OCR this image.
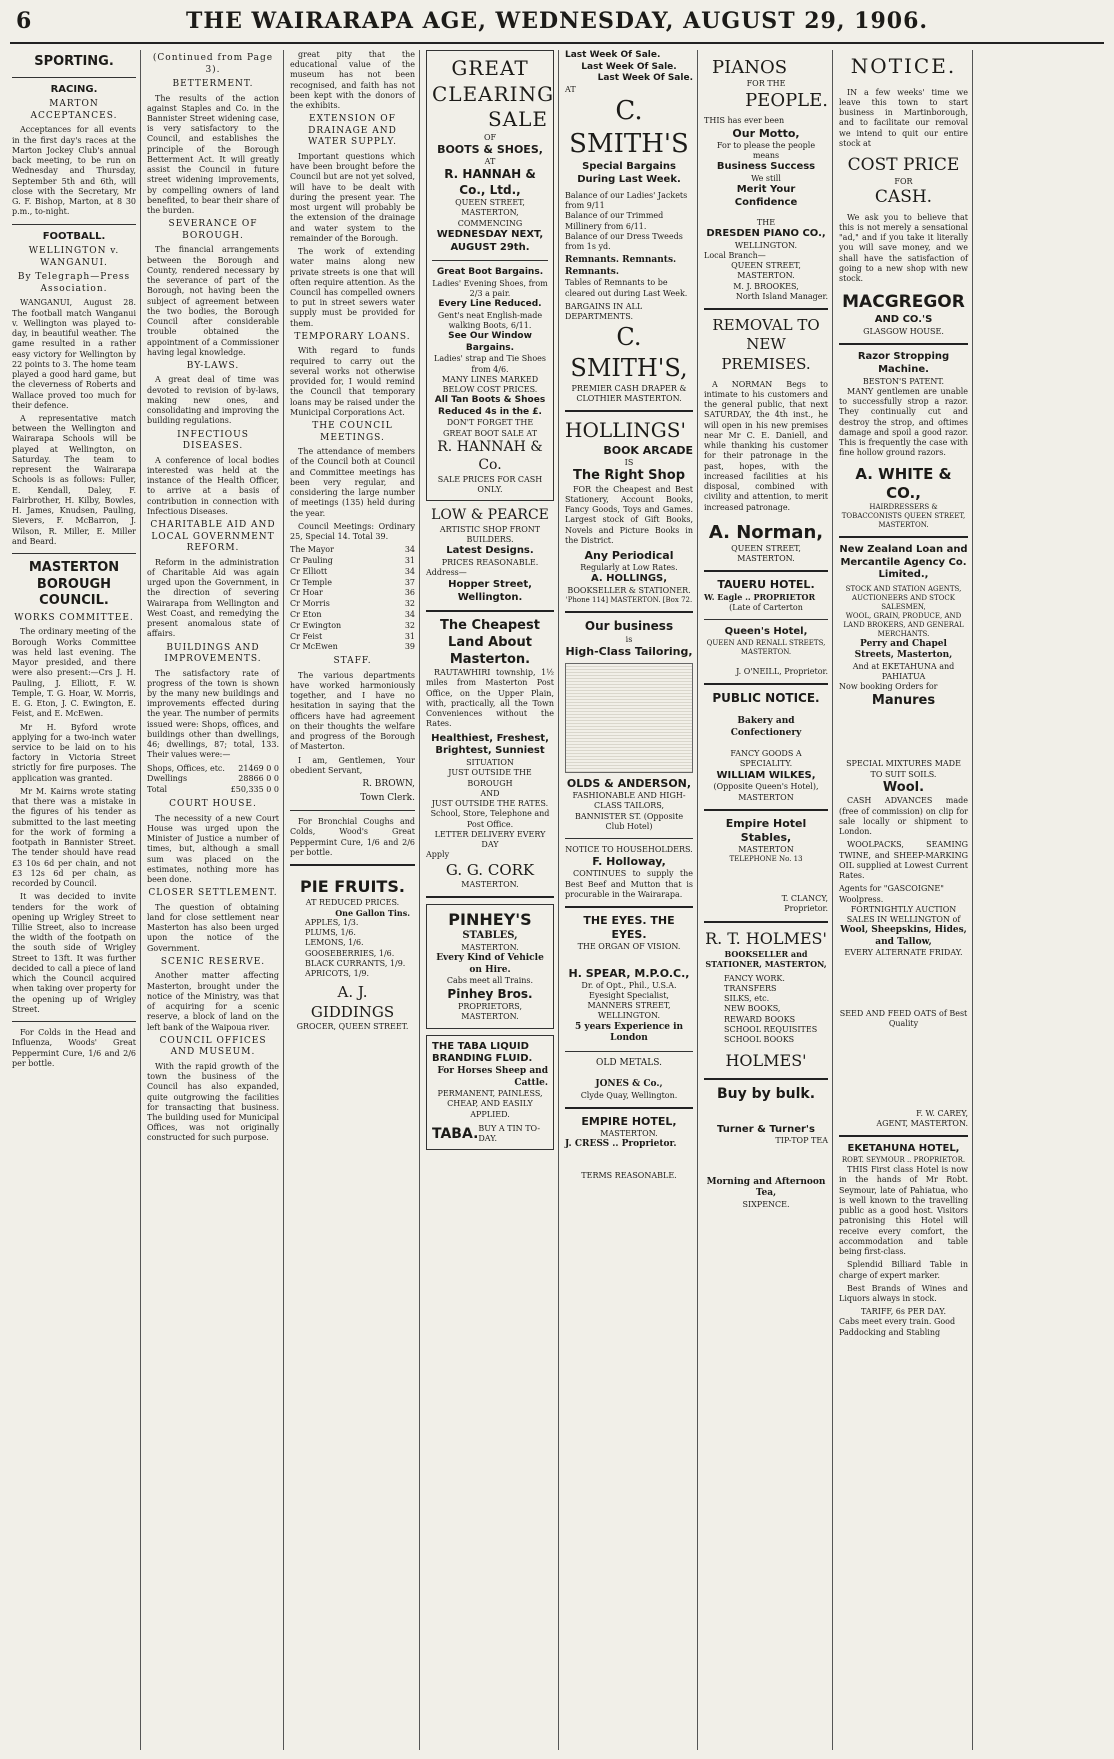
6	THE WAIRARAPA AGE, WEDNESDAY, AUGUST 29, 1906.
SPORTING.
RACING.
MARTON ACCEPTANCES.

Acceptances for all events in the first day's races at the Marton Jockey Club's annual back meeting, to be run on Wednesday and Thursday, September 5th and 6th, will close with the Secretary, Mr G. F. Bishop, Marton, at 8 30 p.m., to-night.

FOOTBALL.
WELLINGTON v. WANGANUI.
By Telegraph—Press Association.

WANGANUI, August 28. The football match Wanganui v. Wellington was played to-day, in beautiful weather. The game resulted in a rather easy victory for Wellington by 22 points to 3. The home team played a good hard game, but the cleverness of Roberts and Wallace proved too much for their defence.

A representative match between the Wellington and Wairarapa Schools will be played at Wellington, on Saturday. The team to represent the Wairarapa Schools is as follows: Fuller, E. Kendall, Daley, F. Fairbrother, H. Kilby, Bowles, H. James, Knudsen, Pauling, Sievers, F. McBarron, J. Wilson, R. Miller, E. Miller and Beard.

MASTERTON BOROUGH COUNCIL.
WORKS COMMITTEE.

The ordinary meeting of the Borough Works Committee was held last evening. The Mayor presided, and there were also present:—Crs J. H. Pauling, J. Elliott, F. W. Temple, T. G. Hoar, W. Morris, E. G. Eton, J. C. Ewington, E. Feist, and E. McEwen.

Mr H. Byford wrote applying for a two-inch water service to be laid on to his factory in Victoria Street strictly for fire purposes. The application was granted.

Mr M. Kairns wrote stating that there was a mistake in the figures of his tender as submitted to the last meeting for the work of forming a footpath in Bannister Street. The tender should have read £3 10s 6d per chain, and not £3 12s 6d per chain, as recorded by Council.

It was decided to invite tenders for the work of opening up Wrigley Street to Tillie Street, also to increase the width of the footpath on the south side of Wrigley Street to 13ft. It was further decided to call a piece of land which the Council acquired when taking over property for the opening up of Wrigley Street.

For Colds in the Head and Influenza, Woods' Great Peppermint Cure, 1/6 and 2/6 per bottle.

(Continued from Page 3).
BETTERMENT.

The results of the action against Staples and Co. in the Bannister Street widening case, is very satisfactory to the Council, and establishes the principle of the Borough Betterment Act. It will greatly assist the Council in future street widening improvements, by compelling owners of land benefited, to bear their share of the burden.

SEVERANCE OF BOROUGH.

The financial arrangements between the Borough and County, rendered necessary by the severance of part of the Borough, not having been the subject of agreement between the two bodies, the Borough Council after considerable trouble obtained the appointment of a Commissioner having legal knowledge.

BY-LAWS.

A great deal of time was devoted to revision of by-laws, making new ones, and consolidating and improving the building regulations.

INFECTIOUS DISEASES.

A conference of local bodies interested was held at the instance of the Health Officer, to arrive at a basis of contribution in connection with Infectious Diseases.

CHARITABLE AID AND LOCAL GOVERNMENT REFORM.

Reform in the administration of Charitable Aid was again urged upon the Government, in the direction of severing Wairarapa from Wellington and West Coast, and remedying the present anomalous state of affairs.

BUILDINGS AND IMPROVEMENTS.

The satisfactory rate of progress of the town is shown by the many new buildings and improvements effected during the year. The number of permits issued were: Shops, offices, and buildings other than dwellings, 46; dwellings, 87; total, 133. Their values were:—

Shops, Offices, etc. 21469 0 0
Dwellings	28866 0 0
Total	£50,335 0 0
COURT HOUSE.

The necessity of a new Court House was urged upon the Minister of Justice a number of times, but, although a small sum was placed on the estimates, nothing more has been done.

CLOSER SETTLEMENT.

The question of obtaining land for close settlement near Masterton has also been urged upon the notice of the Government.

SCENIC RESERVE.

Another matter affecting Masterton, brought under the notice of the Ministry, was that of acquiring for a scenic reserve, a block of land on the left bank of the Waipoua river.

COUNCIL OFFICES AND MUSEUM.

With the rapid growth of the town the business of the Council has also expanded, quite outgrowing the facilities for transacting that business. The building used for Municipal Offices, was not originally constructed for such purpose.

great pity that the educational value of the museum has not been recognised, and faith has not been kept with the donors of the exhibits.

EXTENSION OF DRAINAGE AND WATER SUPPLY.

Important questions which have been brought before the Council but are not yet solved, will have to be dealt with during the present year. The most urgent will probably be the extension of the drainage and water system to the remainder of the Borough.

The work of extending water mains along new private streets is one that will often require attention. As the Council has compelled owners to put in street sewers water supply must be provided for them.

TEMPORARY LOANS.

With regard to funds required to carry out the several works not otherwise provided for, I would remind the Council that temporary loans may be raised under the Municipal Corporations Act.

THE COUNCIL MEETINGS.

The attendance of members of the Council both at Council and Committee meetings has been very regular, and considering the large number of meetings (135) held during the year.

Council Meetings: Ordinary 25, Special 14. Total 39.

The Mayor	34
Cr Pauling	31
Cr Elliott	34
Cr Temple	37
Cr Hoar	36
Cr Morris	32
Cr Eton	34
Cr Ewington	32
Cr Feist	31
Cr McEwen	39
STAFF.

The various departments have worked harmoniously together, and I have no hesitation in saying that the officers have had agreement on their thoughts the welfare and progress of the Borough of Masterton.

I am, Gentlemen, Your obedient Servant,

R. BROWN,
Town Clerk.

For Bronchial Coughs and Colds, Wood's Great Peppermint Cure, 1/6 and 2/6 per bottle.

PIE FRUITS.
AT REDUCED PRICES.
One Gallon Tins.
APPLES, 1/3.
PLUMS, 1/6.
LEMONS, 1/6.
GOOSEBERRIES, 1/6.
BLACK CURRANTS, 1/9.
APRICOTS, 1/9.
A. J. GIDDINGS
GROCER, QUEEN STREET.
GREAT
CLEARING
SALE
OF
BOOTS & SHOES,
AT
R. HANNAH & Co., Ltd.,
QUEEN STREET, MASTERTON,
COMMENCING
WEDNESDAY NEXT, AUGUST 29th.
Great Boot Bargains.
Ladies' Evening Shoes, from 2/3 a pair.
Every Line Reduced.
Gent's neat English-made walking Boots, 6/11.
See Our Window Bargains.
Ladies' strap and Tie Shoes from 4/6.
MANY LINES MARKED BELOW COST PRICES.
All Tan Boots & Shoes Reduced 4s in the £.
DON'T FORGET THE GREAT BOOT SALE AT
R. HANNAH & Co.
SALE PRICES FOR CASH ONLY.
LOW & PEARCE
ARTISTIC SHOP FRONT BUILDERS.
Latest Designs.
PRICES REASONABLE.
Address—
Hopper Street, Wellington.
The Cheapest Land About Masterton.

RAUTAWHIRI township, 1½ miles from Masterton Post Office, on the Upper Plain, with, practically, all the Town Conveniences without the Rates.

Healthiest, Freshest, Brightest, Sunniest
SITUATION
JUST OUTSIDE THE BOROUGH
AND
JUST OUTSIDE THE RATES.
School, Store, Telephone and Post Office.
LETTER DELIVERY EVERY DAY
Apply
G. G. CORK
MASTERTON.
PINHEY'S
STABLES,
MASTERTON.
Every Kind of Vehicle on Hire.
Cabs meet all Trains.
Pinhey Bros.
PROPRIETORS, MASTERTON.
THE TABA LIQUID BRANDING FLUID.
For Horses Sheep and Cattle.
PERMANENT, PAINLESS, CHEAP, AND EASILY APPLIED.
TABA. BUY A TIN TO-DAY.
Last Week Of Sale.
Last Week Of Sale.
Last Week Of Sale.
AT
C. SMITH'S
Special Bargains During Last Week.
Balance of our Ladies' Jackets from 9/11
Balance of our Trimmed Millinery from 6/11.
Balance of our Dress Tweeds from 1s yd.
Remnants. Remnants. Remnants.
Tables of Remnants to be cleared out during Last Week.
BARGAINS IN ALL DEPARTMENTS.
C. SMITH'S,
PREMIER CASH DRAPER & CLOTHIER MASTERTON.
HOLLINGS'
BOOK ARCADE
IS
The Right Shop

FOR the Cheapest and Best Stationery, Account Books, Fancy Goods, Toys and Games. Largest stock of Gift Books, Novels and Picture Books in the District.

Any Periodical
Regularly at Low Rates.
A. HOLLINGS,
BOOKSELLER & STATIONER.
'Phone 114] MASTERTON. [Box 72.
Our business
is
High-Class Tailoring,
OLDS & ANDERSON,
FASHIONABLE AND HIGH-CLASS TAILORS,
BANNISTER ST. (Opposite Club Hotel)
NOTICE TO HOUSEHOLDERS.
F. Holloway,

CONTINUES to supply the Best Beef and Mutton that is procurable in the Wairarapa.

THE EYES. THE EYES.
THE ORGAN OF VISION.
H. SPEAR, M.P.O.C.,
Dr. of Opt., Phil., U.S.A. Eyesight Specialist,
MANNERS STREET, WELLINGTON.
5 years Experience in London
OLD METALS.
JONES & Co.,
Clyde Quay, Wellington.
EMPIRE HOTEL,
MASTERTON.
J. CRESS .. Proprietor.
TERMS REASONABLE.
PIANOS
FOR THE
PEOPLE.
THIS has ever been
Our Motto,
For to please the people means
Business Success
We still
Merit Your Confidence
THE
DRESDEN PIANO CO.,
WELLINGTON.
Local Branch—
QUEEN STREET, MASTERTON.
M. J. BROOKES,
North Island Manager.
REMOVAL TO
NEW PREMISES.

A NORMAN Begs to intimate to his customers and the general public, that next SATURDAY, the 4th inst., he will open in his new premises near Mr C. E. Daniell, and while thanking his customer for their patronage in the past, hopes, with the increased facilities at his disposal, combined with civility and attention, to merit increased patronage.

A. Norman,
QUEEN STREET, MASTERTON.
TAUERU HOTEL.
W. Eagle .. PROPRIETOR
(Late of Carterton
Queen's Hotel,
QUEEN AND RENALL STREETS, MASTERTON.
J. O'NEILL, Proprietor.
PUBLIC NOTICE.
Bakery and Confectionery
FANCY GOODS A SPECIALITY.
WILLIAM WILKES,
(Opposite Queen's Hotel),
MASTERTON
Empire Hotel Stables,
MASTERTON
TELEPHONE No. 13
T. CLANCY,
Proprietor.
R. T. HOLMES'
BOOKSELLER and STATIONER, MASTERTON,
FANCY WORK.
TRANSFERS
SILKS, etc.
NEW BOOKS,
REWARD BOOKS
SCHOOL REQUISITES
SCHOOL BOOKS
HOLMES'
Buy by bulk.
Turner & Turner's
TIP-TOP TEA
Morning and Afternoon Tea,
SIXPENCE.
NOTICE.

IN a few weeks' time we leave this town to start business in Martinborough, and to facilitate our removal we intend to quit our entire stock at

COST PRICE
FOR
CASH.

We ask you to believe that this is not merely a sensational "ad," and if you take it literally you will save money, and we shall have the satisfaction of going to a new shop with new stock.

MACGREGOR
AND CO.'S
GLASGOW HOUSE.
Razor Stropping Machine.
BESTON'S PATENT.

MANY gentlemen are unable to successfully strop a razor. They continually cut and destroy the strop, and oftimes damage and spoil a good razor. This is frequently the case with fine hollow ground razors.

A. WHITE & CO.,
HAIRDRESSERS & TOBACCONISTS QUEEN STREET, MASTERTON.
New Zealand Loan and Mercantile Agency Co. Limited.,
STOCK AND STATION AGENTS, AUCTIONEERS AND STOCK SALESMEN,
WOOL, GRAIN, PRODUCE, AND LAND BROKERS, AND GENERAL MERCHANTS.
Perry and Chapel Streets, Masterton,
And at EKETAHUNA and PAHIATUA
Now booking Orders for
Manures
SPECIAL MIXTURES MADE TO SUIT SOILS.
Wool.

CASH ADVANCES made (free of commission) on clip for sale locally or shipment to London.

WOOLPACKS, SEAMING TWINE, and SHEEP-MARKING OIL supplied at Lowest Current Rates.

Agents for "GASCOIGNE" Woolpress.
FORTNIGHTLY AUCTION SALES IN WELLINGTON of
Wool, Sheepskins, Hides, and Tallow,
EVERY ALTERNATE FRIDAY.
SEED AND FEED OATS of Best Quality
F. W. CAREY,
AGENT, MASTERTON.
EKETAHUNA HOTEL,
ROBT. SEYMOUR .. PROPRIETOR.

THIS First class Hotel is now in the hands of Mr Robt. Seymour, late of Pahiatua, who is well known to the travelling public as a good host. Visitors patronising this Hotel will receive every comfort, the accommodation and table being first-class.

Splendid Billiard Table in charge of expert marker.

Best Brands of Wines and Liquors always in stock.

TARIFF, 6s PER DAY.
Cabs meet every train. Good Paddocking and Stabling
